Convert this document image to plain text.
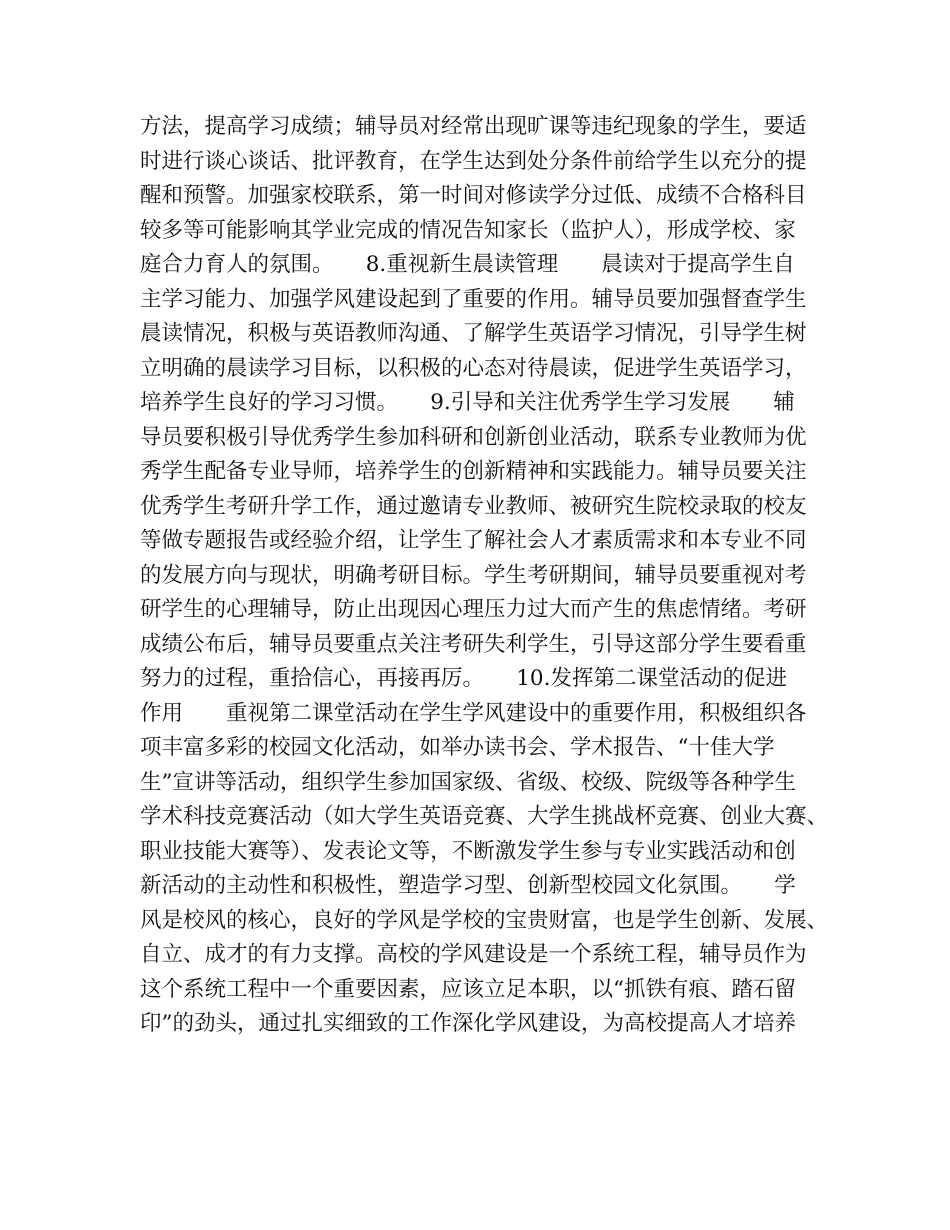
方法，提高学习成绩；辅导员对经常出现旷课等违纪现象的学生，要适
时进行谈心谈话、批评教育，在学生达到处分条件前给学生以充分的提
醒和预警。加强家校联系，第一时间对修读学分过低、成绩不合格科目
较多等可能影响其学业完成的情况告知家长（监护人），形成学校、家
庭合力育人的氛围。　　8.重视新生晨读管理　　晨读对于提高学生自
主学习能力、加强学风建设起到了重要的作用。辅导员要加强督查学生
晨读情况，积极与英语教师沟通、了解学生英语学习情况，引导学生树
立明确的晨读学习目标，以积极的心态对待晨读，促进学生英语学习，
培养学生良好的学习习惯。　　9.引导和关注优秀学生学习发展　　辅
导员要积极引导优秀学生参加科研和创新创业活动，联系专业教师为优
秀学生配备专业导师，培养学生的创新精神和实践能力。辅导员要关注
优秀学生考研升学工作，通过邀请专业教师、被研究生院校录取的校友
等做专题报告或经验介绍，让学生了解社会人才素质需求和本专业不同
的发展方向与现状，明确考研目标。学生考研期间，辅导员要重视对考
研学生的心理辅导，防止出现因心理压力过大而产生的焦虑情绪。考研
成绩公布后，辅导员要重点关注考研失利学生，引导这部分学生要看重
努力的过程，重拾信心，再接再厉。　　10.发挥第二课堂活动的促进
作用　　重视第二课堂活动在学生学风建设中的重要作用，积极组织各
项丰富多彩的校园文化活动，如举办读书会、学术报告、“十佳大学
生”宣讲等活动，组织学生参加国家级、省级、校级、院级等各种学生
学术科技竞赛活动（如大学生英语竞赛、大学生挑战杯竞赛、创业大赛、
职业技能大赛等）、发表论文等，不断激发学生参与专业实践活动和创
新活动的主动性和积极性，塑造学习型、创新型校园文化氛围。　　学
风是校风的核心，良好的学风是学校的宝贵财富，也是学生创新、发展、
自立、成才的有力支撑。高校的学风建设是一个系统工程，辅导员作为
这个系统工程中一个重要因素，应该立足本职，以“抓铁有痕、踏石留
印”的劲头，通过扎实细致的工作深化学风建设，为高校提高人才培养
